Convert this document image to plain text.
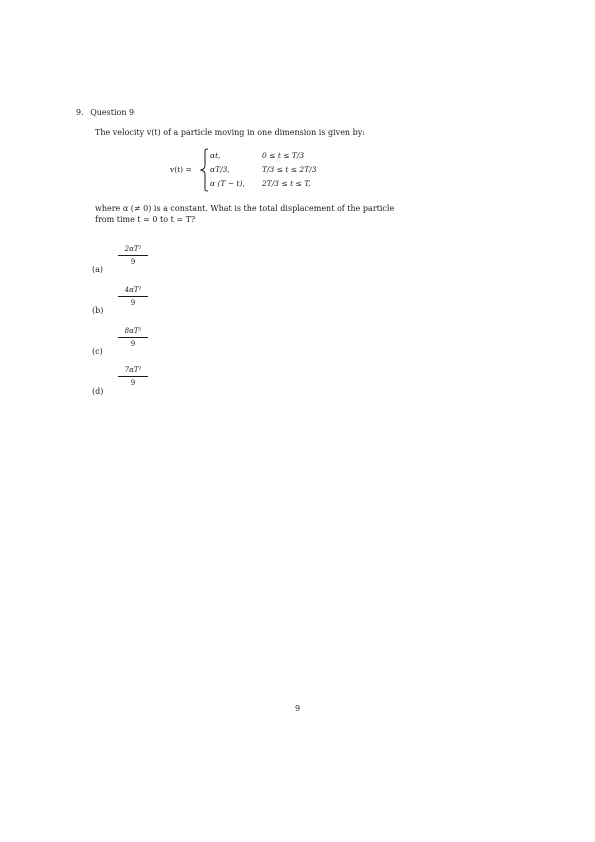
9. Question 9
The velocity v(t) of a particle moving in one dimension is given by:
v(t) =
αt,	0 ≤ t ≤ T/3
αT/3,	T/3 ≤ t ≤ 2T/3
α (T − t), 2T/3 ≤ t ≤ T,
where α (≠ 0) is a constant. What is the total displacement of the particle
from time t = 0 to t = T?
(a)
2αT²
9
(b)
4αT²
9
(c)
8αT²
9
(d)
7αT²
9
9
